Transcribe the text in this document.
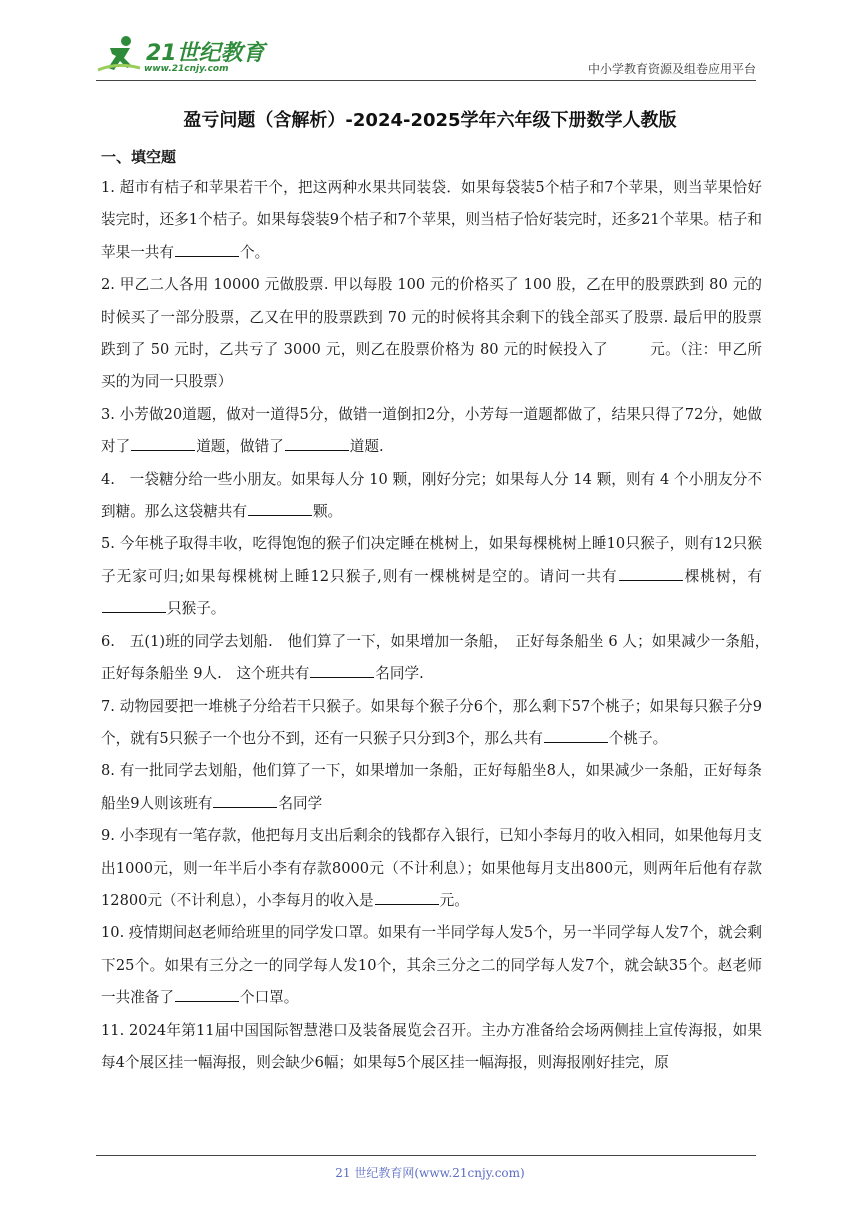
21世纪教育
www.21cnjy.com	中小学教育资源及组卷应用平台
盈亏问题（含解析）-2024-2025学年六年级下册数学人教版
一、填空题

1. 超市有桔子和苹果若干个，把这两种水果共同装袋．如果每袋装5个桔子和7个苹果，则当苹果恰好装完时，还多1个桔子。如果每袋装9个桔子和7个苹果，则当桔子恰好装完时，还多21个苹果。桔子和苹果一共有	个。

2. 甲乙二人各用 10000 元做股票. 甲以每股 100 元的价格买了 100 股，乙在甲的股票跌到 80 元的时候买了一部分股票，乙又在甲的股票跌到 70 元的时候将其余剩下的钱全部买了股票. 最后甲的股票跌到了 50 元时，乙共亏了 3000 元，则乙在股票价格为 80 元的时候投入了	元。（注：甲乙所买的为同一只股票）

3. 小芳做20道题，做对一道得5分，做错一道倒扣2分，小芳每一道题都做了，结果只得了72分，她做对了	道题，做错了	道题.

4.　一袋糖分给一些小朋友。如果每人分 10 颗，刚好分完；如果每人分 14 颗，则有 4 个小朋友分不到糖。那么这袋糖共有	颗。

5. 今年桃子取得丰收，吃得饱饱的猴子们决定睡在桃树上，如果每棵桃树上睡10只猴子，则有12只猴子无家可归;如果每棵桃树上睡12只猴子,则有一棵桃树是空的。请问一共有	棵桃树，有只猴子。

6.　五(1)班的同学去划船.　他们算了一下，如果增加一条船，　正好每条船坐 6 人；如果减少一条船，　正好每条船坐 9人.　这个班共有	名同学.

7. 动物园要把一堆桃子分给若干只猴子。如果每个猴子分6个，那么剩下57个桃子；如果每只猴子分9个，就有5只猴子一个也分不到，还有一只猴子只分到3个，那么共有	个桃子。

8. 有一批同学去划船，他们算了一下，如果增加一条船，正好每船坐8人，如果减少一条船，正好每条船坐9人则该班有	名同学

9. 小李现有一笔存款，他把每月支出后剩余的钱都存入银行，已知小李每月的收入相同，如果他每月支出1000元，则一年半后小李有存款8000元（不计利息）；如果他每月支出800元，则两年后他有存款12800元（不计利息），小李每月的收入是	元。

10. 疫情期间赵老师给班里的同学发口罩。如果有一半同学每人发5个，另一半同学每人发7个，就会剩下25个。如果有三分之一的同学每人发10个，其余三分之二的同学每人发7个，就会缺35个。赵老师一共准备了	个口罩。

11. 2024年第11届中国国际智慧港口及装备展览会召开。主办方准备给会场两侧挂上宣传海报，如果每4个展区挂一幅海报，则会缺少6幅；如果每5个展区挂一幅海报，则海报刚好挂完，原

21 世纪教育网(www.21cnjy.com)
